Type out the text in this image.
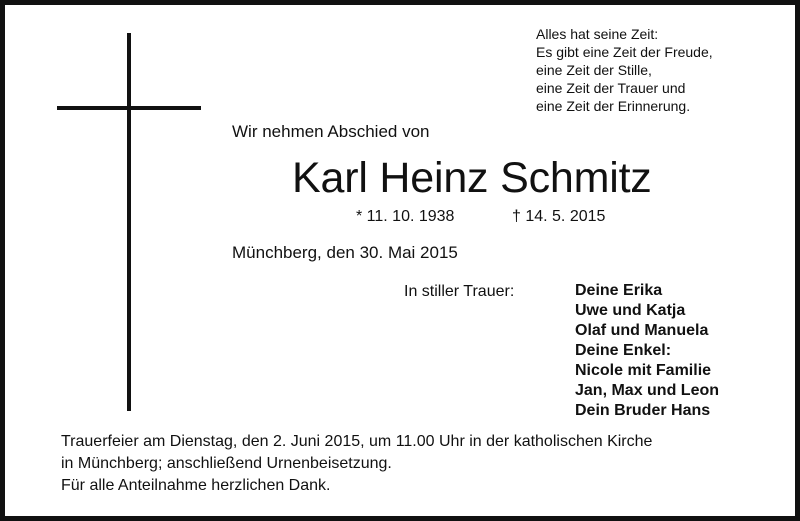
Alles hat seine Zeit:
Es gibt eine Zeit der Freude,
eine Zeit der Stille,
eine Zeit der Trauer und
eine Zeit der Erinnerung.
Wir nehmen Abschied von
Karl Heinz Schmitz
* 11. 10. 1938	† 14. 5. 2015
Münchberg, den 30. Mai 2015
In stiller Trauer:	Deine Erika
Uwe und Katja
Olaf und Manuela
Deine Enkel:
Nicole mit Familie
Jan, Max und Leon
Dein Bruder Hans
Trauerfeier am Dienstag, den 2. Juni 2015, um 11.00 Uhr in der katholischen Kirche
in Münchberg; anschließend Urnenbeisetzung.
Für alle Anteilnahme herzlichen Dank.
